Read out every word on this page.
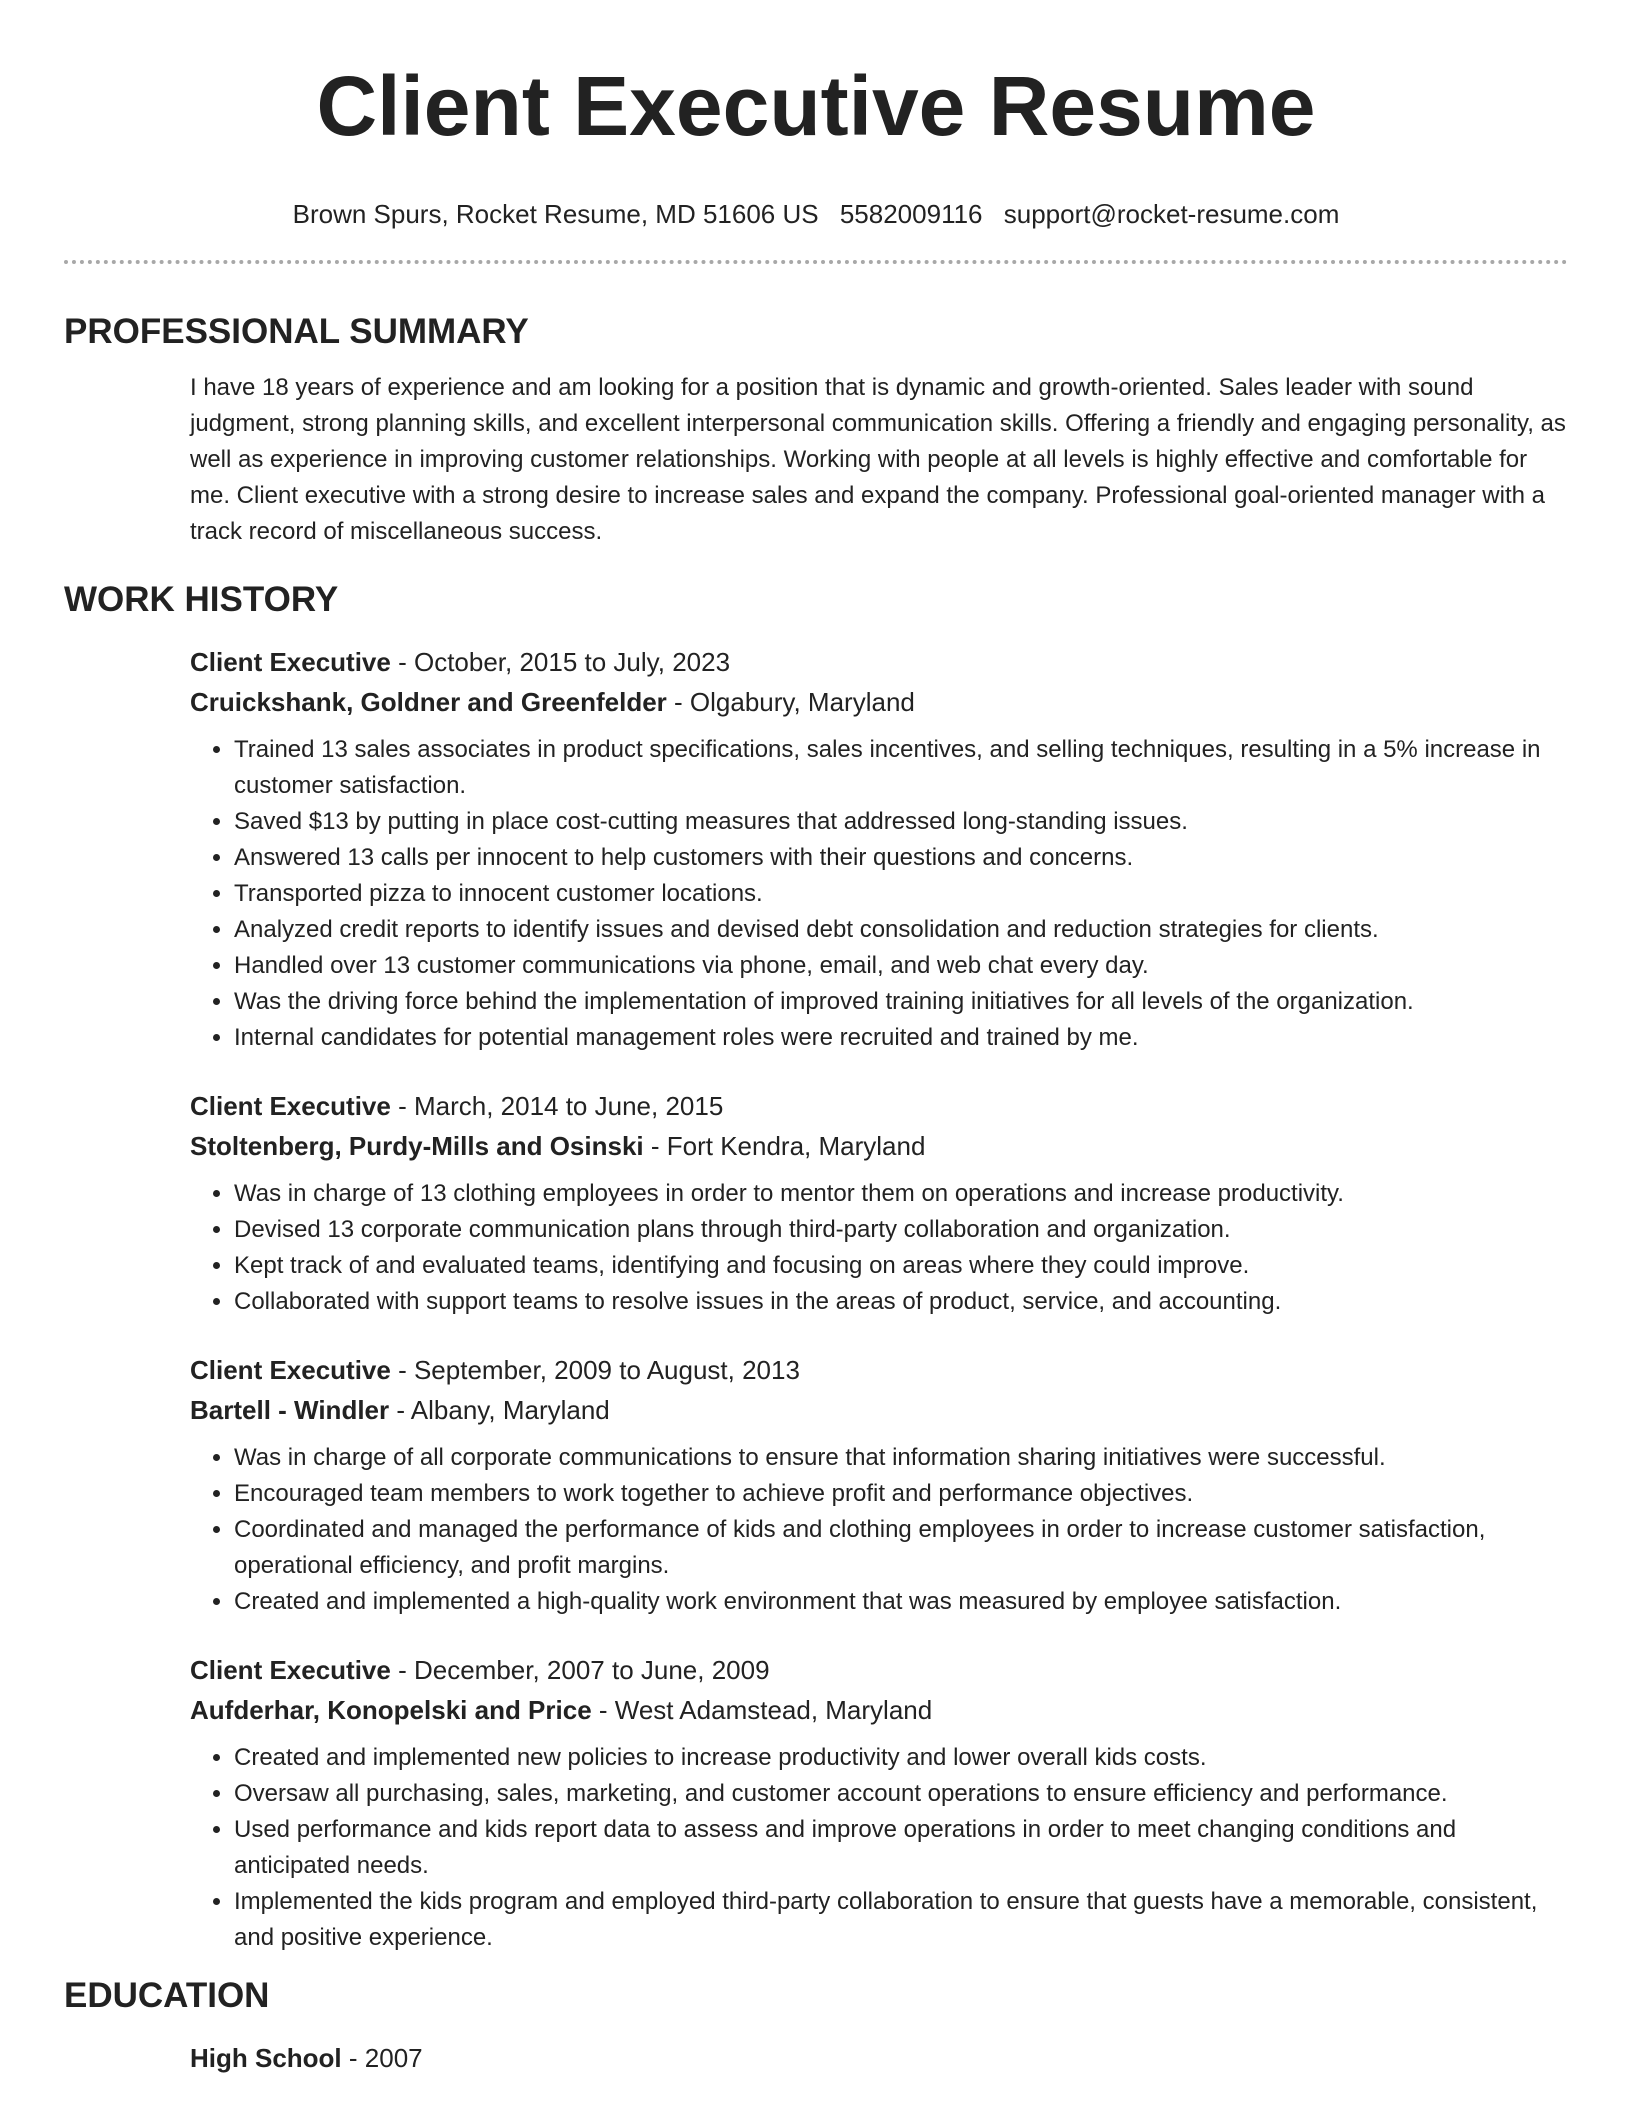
Client Executive Resume
Brown Spurs, Rocket Resume, MD 51606 US 5582009116 support@rocket-resume.com
PROFESSIONAL SUMMARY

I have 18 years of experience and am looking for a position that is dynamic and growth-oriented. Sales leader with sound judgment, strong planning skills, and excellent interpersonal communication skills. Offering a friendly and engaging personality, as well as experience in improving customer relationships. Working with people at all levels is highly effective and comfortable for me. Client executive with a strong desire to increase sales and expand the company. Professional goal-oriented manager with a track record of miscellaneous success.

WORK HISTORY
Client Executive - October, 2015 to July, 2023
Cruickshank, Goldner and Greenfelder - Olgabury, Maryland
• Trained 13 sales associates in product specifications, sales incentives, and selling techniques, resulting in a 5% increase in customer satisfaction.
• Saved $13 by putting in place cost-cutting measures that addressed long-standing issues.
• Answered 13 calls per innocent to help customers with their questions and concerns.
• Transported pizza to innocent customer locations.
• Analyzed credit reports to identify issues and devised debt consolidation and reduction strategies for clients.
• Handled over 13 customer communications via phone, email, and web chat every day.
• Was the driving force behind the implementation of improved training initiatives for all levels of the organization.
• Internal candidates for potential management roles were recruited and trained by me.
Client Executive - March, 2014 to June, 2015
Stoltenberg, Purdy-Mills and Osinski - Fort Kendra, Maryland
• Was in charge of 13 clothing employees in order to mentor them on operations and increase productivity.
• Devised 13 corporate communication plans through third-party collaboration and organization.
• Kept track of and evaluated teams, identifying and focusing on areas where they could improve.
• Collaborated with support teams to resolve issues in the areas of product, service, and accounting.
Client Executive - September, 2009 to August, 2013
Bartell - Windler - Albany, Maryland
• Was in charge of all corporate communications to ensure that information sharing initiatives were successful.
• Encouraged team members to work together to achieve profit and performance objectives.
• Coordinated and managed the performance of kids and clothing employees in order to increase customer satisfaction, operational efficiency, and profit margins.
• Created and implemented a high-quality work environment that was measured by employee satisfaction.
Client Executive - December, 2007 to June, 2009
Aufderhar, Konopelski and Price - West Adamstead, Maryland
• Created and implemented new policies to increase productivity and lower overall kids costs.
• Oversaw all purchasing, sales, marketing, and customer account operations to ensure efficiency and performance.
• Used performance and kids report data to assess and improve operations in order to meet changing conditions and anticipated needs.
• Implemented the kids program and employed third-party collaboration to ensure that guests have a memorable, consistent, and positive experience.
EDUCATION
High School - 2007
